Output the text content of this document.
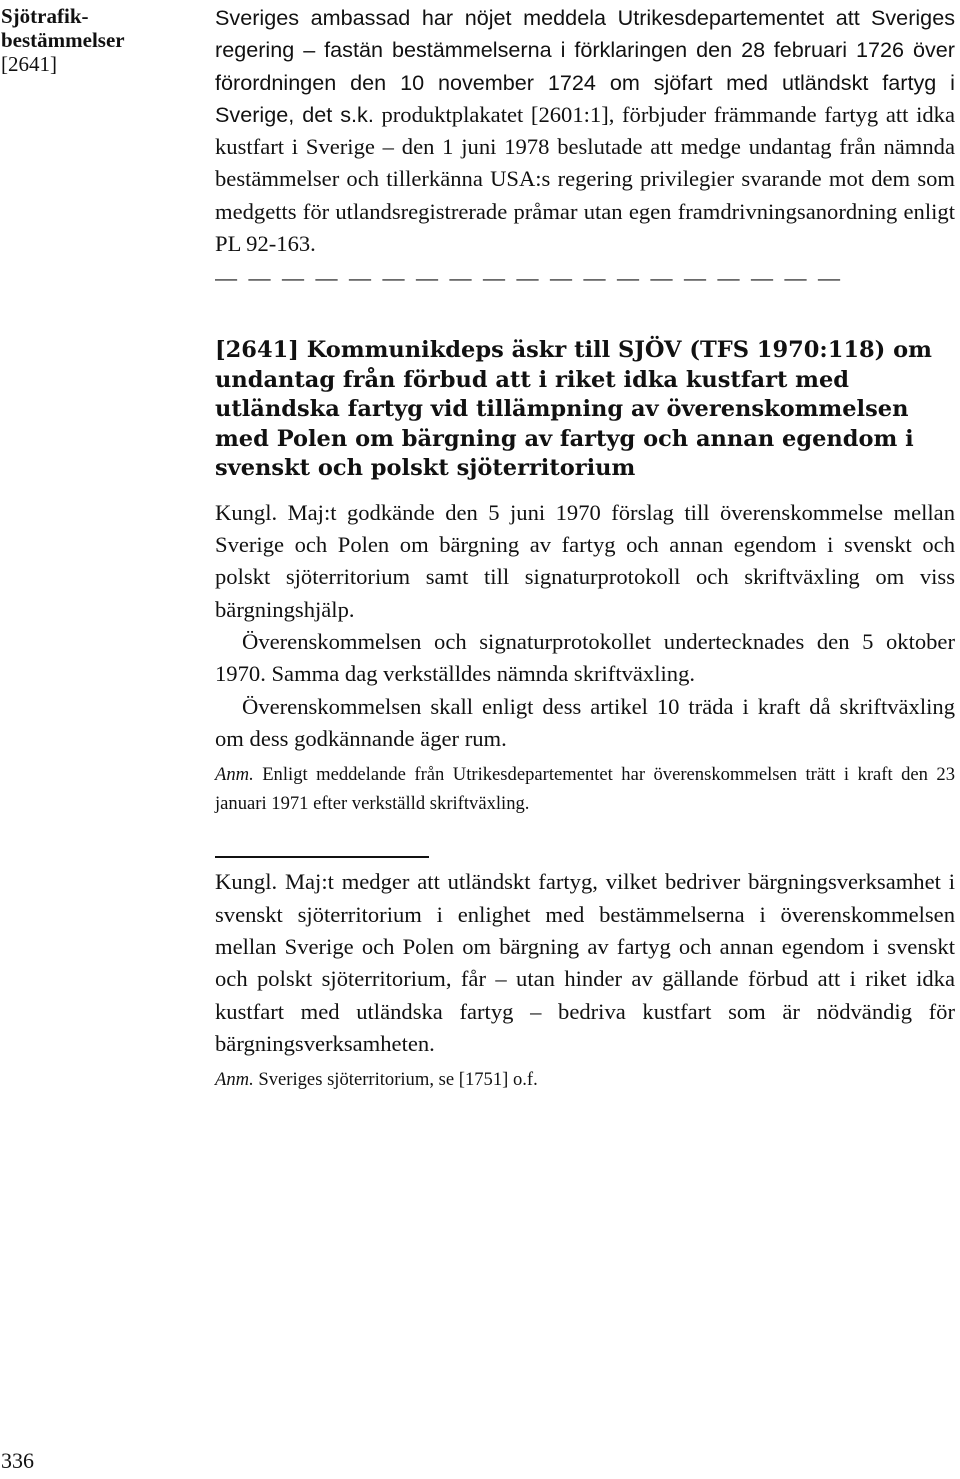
Sjötrafik- bestämmelser
[2641]

Sveriges ambassad har nöjet meddela Utrikesdepartementet att Sveriges regering – fastän bestämmelserna i förklaringen den 28 februari 1726 över förordningen den 10 november 1724 om sjöfart med utländskt fartyg i Sverige, det s.k. produktplakatet [2601:1], förbjuder främmande fartyg att idka kustfart i Sverige – den 1 juni 1978 beslutade att medge undantag från nämnda bestämmelser och tillerkänna USA:s regering privilegier svarande mot dem som medgetts för utlandsregistrerade pråmar utan egen framdrivningsanordning enligt PL 92-163.

— — — — — — — — — — — — — — — — — — —

[2641] Kommunikdeps äskr till SJÖV (TFS 1970:118) om undantag från förbud att i riket idka kustfart med utländska fartyg vid tillämpning av överenskommelsen med Polen om bärgning av fartyg och annan egendom i svenskt och polskt sjöterritorium

Kungl. Maj:t godkände den 5 juni 1970 förslag till överenskommelse mellan Sverige och Polen om bärgning av fartyg och annan egendom i svenskt och polskt sjöterritorium samt till signaturprotokoll och skriftväxling om viss bärgningshjälp.

Överenskommelsen och signaturprotokollet undertecknades den 5 oktober 1970. Samma dag verkställdes nämnda skriftväxling.

Överenskommelsen skall enligt dess artikel 10 träda i kraft då skriftväxling om dess godkännande äger rum.

Anm. Enligt meddelande från Utrikesdepartementet har överenskommelsen trätt i kraft den 23 januari 1971 efter verkställd skriftväxling.

Kungl. Maj:t medger att utländskt fartyg, vilket bedriver bärgningsverksamhet i svenskt sjöterritorium i enlighet med bestämmelserna i överenskommelsen mellan Sverige och Polen om bärgning av fartyg och annan egendom i svenskt och polskt sjöterritorium, får – utan hinder av gällande förbud att i riket idka kustfart med utländska fartyg – bedriva kustfart som är nödvändig för bärgningsverksamheten.

Anm. Sveriges sjöterritorium, se [1751] o.f.

336
